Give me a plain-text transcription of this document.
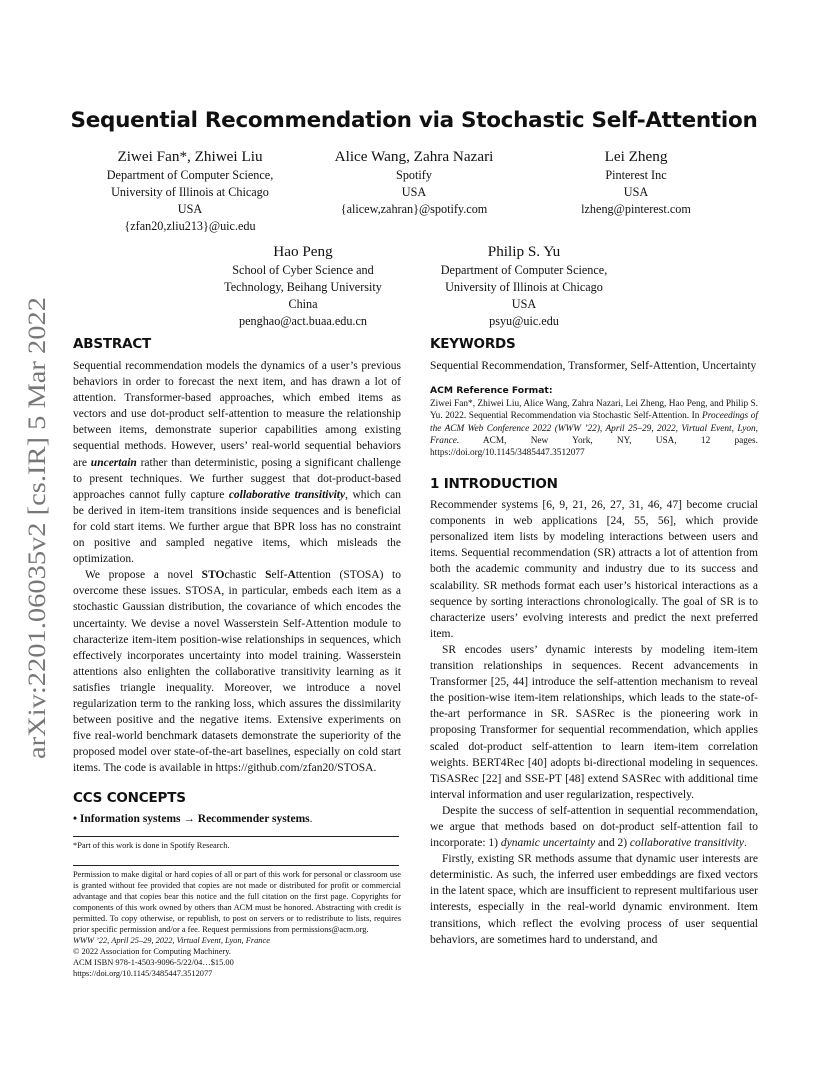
arXiv:2201.06035v2 [cs.IR] 5 Mar 2022
Sequential Recommendation via Stochastic Self-Attention
Ziwei Fan*, Zhiwei Liu
Department of Computer Science,
University of Illinois at Chicago
USA
{zfan20,zliu213}@uic.edu
Alice Wang, Zahra Nazari
Spotify
USA
{alicew,zahran}@spotify.com
Lei Zheng
Pinterest Inc
USA
lzheng@pinterest.com
Hao Peng
School of Cyber Science and
Technology, Beihang University
China
penghao@act.buaa.edu.cn
Philip S. Yu
Department of Computer Science,
University of Illinois at Chicago
USA
psyu@uic.edu
ABSTRACT

Sequential recommendation models the dynamics of a user’s previous behaviors in order to forecast the next item, and has drawn a lot of attention. Transformer-based approaches, which embed items as vectors and use dot-product self-attention to measure the relationship between items, demonstrate superior capabilities among existing sequential methods. However, users’ real-world sequential behaviors are uncertain rather than deterministic, posing a significant challenge to present techniques. We further suggest that dot-product-based approaches cannot fully capture collaborative transitivity, which can be derived in item-item transitions inside sequences and is beneficial for cold start items. We further argue that BPR loss has no constraint on positive and sampled negative items, which misleads the optimization.

We propose a novel STOchastic Self-Attention (STOSA) to overcome these issues. STOSA, in particular, embeds each item as a stochastic Gaussian distribution, the covariance of which encodes the uncertainty. We devise a novel Wasserstein Self-Attention module to characterize item-item position-wise relationships in sequences, which effectively incorporates uncertainty into model training. Wasserstein attentions also enlighten the collaborative transitivity learning as it satisfies triangle inequality. Moreover, we introduce a novel regularization term to the ranking loss, which assures the dissimilarity between positive and the negative items. Extensive experiments on five real-world benchmark datasets demonstrate the superiority of the proposed model over state-of-the-art baselines, especially on cold start items. The code is available in https://github.com/zfan20/STOSA.

CCS CONCEPTS

• Information systems → Recommender systems.

*Part of this work is done in Spotify Research.
Permission to make digital or hard copies of all or part of this work for personal or classroom use is granted without fee provided that copies are not made or distributed for profit or commercial advantage and that copies bear this notice and the full citation on the first page. Copyrights for components of this work owned by others than ACM must be honored. Abstracting with credit is permitted. To copy otherwise, or republish, to post on servers or to redistribute to lists, requires prior specific permission and/or a fee. Request permissions from permissions@acm.org.
WWW ’22, April 25–29, 2022, Virtual Event, Lyon, France
© 2022 Association for Computing Machinery.
ACM ISBN 978-1-4503-9096-5/22/04…$15.00
https://doi.org/10.1145/3485447.3512077
KEYWORDS

Sequential Recommendation, Transformer, Self-Attention, Uncertainty

ACM Reference Format:

Ziwei Fan*, Zhiwei Liu, Alice Wang, Zahra Nazari, Lei Zheng, Hao Peng, and Philip S. Yu. 2022. Sequential Recommendation via Stochastic Self-Attention. In Proceedings of the ACM Web Conference 2022 (WWW ’22), April 25–29, 2022, Virtual Event, Lyon, France. ACM, New York, NY, USA, 12 pages. https://doi.org/10.1145/3485447.3512077

1 INTRODUCTION

Recommender systems [6, 9, 21, 26, 27, 31, 46, 47] become crucial components in web applications [24, 55, 56], which provide personalized item lists by modeling interactions between users and items. Sequential recommendation (SR) attracts a lot of attention from both the academic community and industry due to its success and scalability. SR methods format each user’s historical interactions as a sequence by sorting interactions chronologically. The goal of SR is to characterize users’ evolving interests and predict the next preferred item.

SR encodes users’ dynamic interests by modeling item-item transition relationships in sequences. Recent advancements in Transformer [25, 44] introduce the self-attention mechanism to reveal the position-wise item-item relationships, which leads to the state-of-the-art performance in SR. SASRec is the pioneering work in proposing Transformer for sequential recommendation, which applies scaled dot-product self-attention to learn item-item correlation weights. BERT4Rec [40] adopts bi-directional modeling in sequences. TiSASRec [22] and SSE-PT [48] extend SASRec with additional time interval information and user regularization, respectively.

Despite the success of self-attention in sequential recommendation, we argue that methods based on dot-product self-attention fail to incorporate: 1) dynamic uncertainty and 2) collaborative transitivity.

Firstly, existing SR methods assume that dynamic user interests are deterministic. As such, the inferred user embeddings are fixed vectors in the latent space, which are insufficient to represent multifarious user interests, especially in the real-world dynamic environment. Item transitions, which reflect the evolving process of user sequential behaviors, are sometimes hard to understand, and
